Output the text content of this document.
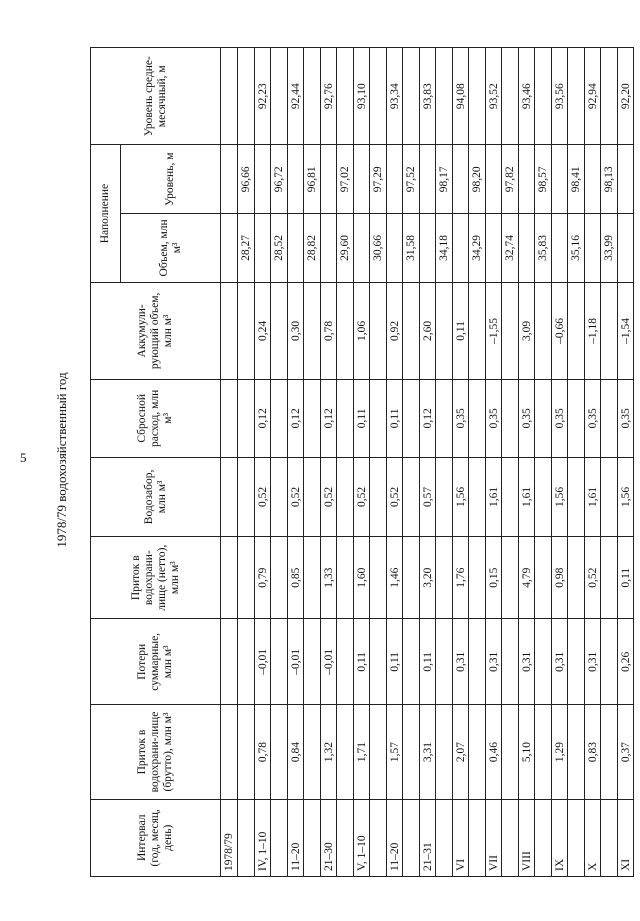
5 1978/79 водохозяйственный год
Интервал (год, месяц, день)	Приток в водохрани-лище (брутто), млн м³	Потери суммарные, млн м³	Приток в водохрани-лище (нетто), млн м³	Водозабор, млн м³	Сбросной расход, млн м³	Аккумули-рующий объем, млн м³	Наполнение		Уровень средне-месячный, м
							Объем, млн м³	Уровень, м	
1978/79									
							28,27	96,66	
IV, 1–10	0,78	–0,01	0,79	0,52	0,12	0,24			92,23
							28,52	96,72	
11–20	0,84	–0,01	0,85	0,52	0,12	0,30			92,44
							28,82	96,81	
21–30	1,32	–0,01	1,33	0,52	0,12	0,78			92,76
							29,60	97,02	
V, 1–10	1,71	0,11	1,60	0,52	0,11	1,06			93,10
							30,66	97,29	
11–20	1,57	0,11	1,46	0,52	0,11	0,92			93,34
							31,58	97,52	
21–31	3,31	0,11	3,20	0,57	0,12	2,60			93,83
							34,18	98,17	
VI	2,07	0,31	1,76	1,56	0,35	0,11			94,08
							34,29	98,20	
VII	0,46	0,31	0,15	1,61	0,35	–1,55			93,52
							32,74	97,82	
VIII	5,10	0,31	4,79	1,61	0,35	3,09			93,46
							35,83	98,57	
IX	1,29	0,31	0,98	1,56	0,35	–0,66			93,56
							35,16	98,41	
X	0,83	0,31	0,52	1,61	0,35	–1,18			92,94
							33,99	98,13	
XI	0,37	0,26	0,11	1,56	0,35	–1,54			92,20
